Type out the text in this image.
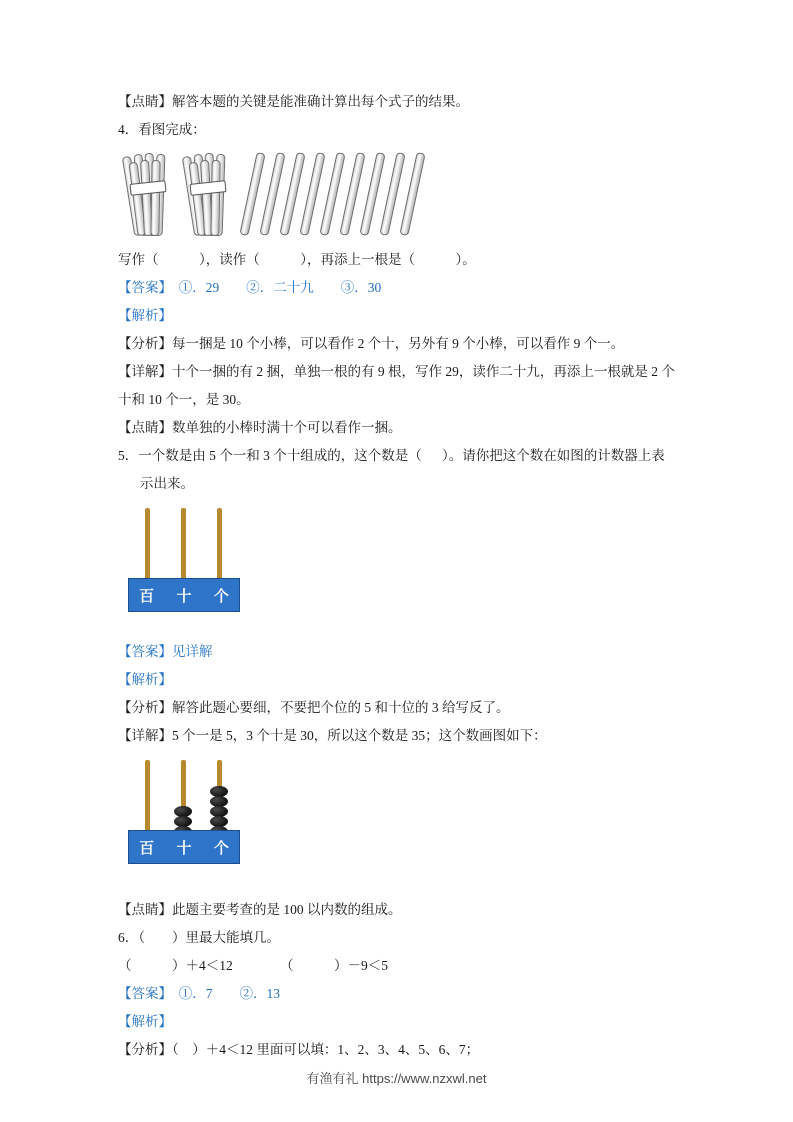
【点睛】解答本题的关键是能准确计算出每个式子的结果。
4．看图完成：
写作（            ），读作（            ），再添上一根是（            ）。
【答案】　①．29　　②．二十九　　③．30
【解析】
【分析】每一捆是 10 个小棒，可以看作 2 个十，另外有 9 个小棒，可以看作 9 个一。
【详解】十个一捆的有 2 捆，单独一根的有 9 根，写作 29，读作二十九，再添上一根就是 2 个十和 10 个一，是 30。
【点睛】数单独的小棒时满十个可以看作一捆。
5．一个数是由 5 个一和 3 个十组成的，这个数是（      ）。请你把这个数在如图的计数器上表示出来。
百 十 个
【答案】见详解
【解析】
【分析】解答此题心要细，不要把个位的 5 和十位的 3 给写反了。
【详解】5 个一是 5，3 个十是 30，所以这个数是 35；这个数画图如下：
百 十 个
【点睛】此题主要考查的是 100 以内数的组成。
6．（        ）里最大能填几。
（            ）＋4＜12　　　　（            ）－9＜5
【答案】　①．7　　②．13
【解析】
【分析】（    ）＋4＜12 里面可以填：1、2、3、4、5、6、7；
有渔有礼 https://www.nzxwl.net
